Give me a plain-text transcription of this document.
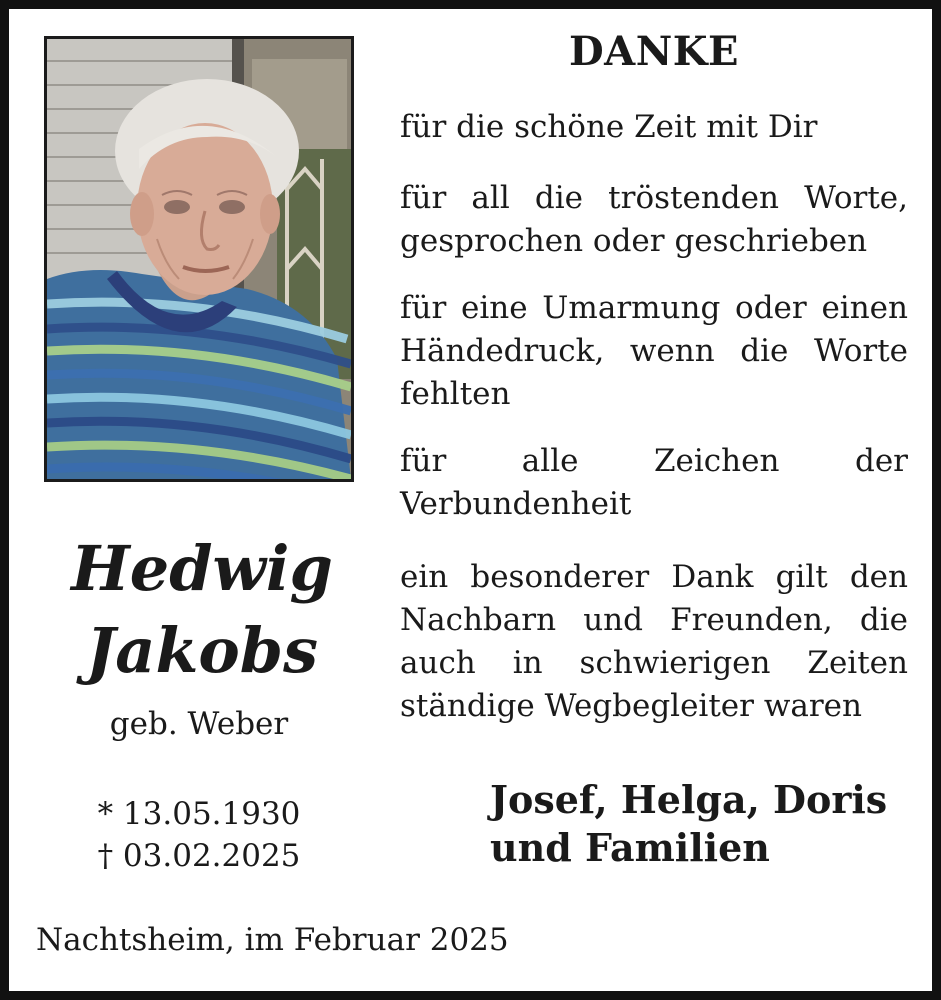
DANKE
für die schöne Zeit mit Dir
für all die tröstenden Worte, gesprochen oder geschrieben
für eine Umarmung oder einen Händedruck, wenn die Worte fehlten
für alle Zeichen der Verbundenheit
ein besonderer Dank gilt den Nachbarn und Freunden, die auch in schwierigen Zeiten ständige Wegbegleiter waren
Hedwig
Jakobs
geb. Weber
* 13.05.1930
† 03.02.2025
Josef, Helga, Doris
und Familien
Nachtsheim, im Februar 2025
